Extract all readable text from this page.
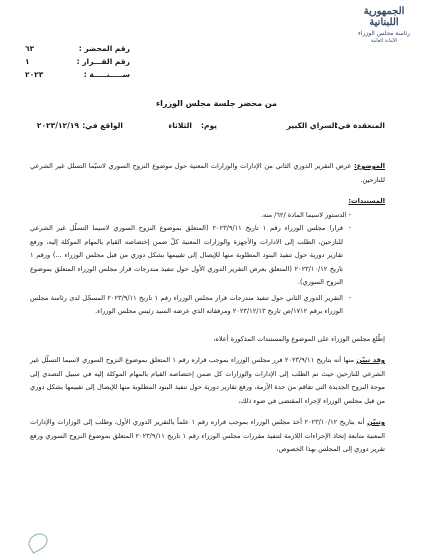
الجمهورية
اللبنانية
رئاسة مجلس الوزراء
الأمانة العامة
رقم المحضر :
٦٢
رقم القـــرار :
١
ســـــنـــــة :
٢٠٢٣
من محضر جلسة مجلس الوزراء
المنعقدة في:
السراي الكبير
يوم:
الثلاثاء
الواقع في:
٢٠٢٣/١٢/١٩

الموضوع: عرض التقرير الدوري الثاني من الإدارات والوزارات المعنية حول موضوع النزوح السوري لاسيّما التسلل غير الشرعي للنازحين.

المستندات:
- الدستور لاسيما المادة /٦٢/ منه.
-
قرارا مجلس الوزراء رقم ١ تاريخ ٢٠٢٣/٩/١١ (المتعلق بموضوع النزوح السوري لاسيما التسلّل غير الشرعي للنازحين، الطلب إلى الادارات والأجهزة والوزارات المعنية كلّ ضمن إختصاصه القيام بالمهام الموكلة إليه، ورفع تقارير دورية حول تنفيذ البنود المطلوبة منها للإيصال إلى تقييمها بشكل دوري من قبل مجلس الوزراء ...) ورقم ١ تاريخ ٢٠٢٣/١٠/١٢ (المتعلق بعرض التقرير الدوري الأول حول تنفيذ مندرجات قرار مجلس الوزراء المتعلق بموضوع النزوح السوري).
-
التقرير الدوري الثاني حول تنفيذ مندرجات قرار مجلس الوزراء رقم ١ تاريخ ٢٠٢٣/٩/١١ المسجّل لدى رئاسة مجلس الوزراء برقم ١٧١٢/ص تاريخ ٢٠٢٣/١٢/١٣ ومرفقاته الذي عرضه السيد رئيس مجلس الوزراء.

إطّلع مجلس الوزراء على الموضوع والمستندات المذكورة أعلاه،

وقد تبيّن منها أنه بتاريخ ٢٠٢٣/٩/١١ قرر مجلس الوزراء بموجب قراره رقم ١ المتعلق بموضوع النزوح السوري لاسيما التسلّل غير الشرعي للنازحين حيث تم الطلب إلى الإدارات والوزارات كل ضمن إختصاصه القيام بالمهام الموكلة إليه في سبيل التصدي إلى موجة النزوح الجديدة التي تفاقم من حدة الأزمة، ورفع تقارير دورية حول تنفيذ البنود المطلوبة منها للإيصال إلى تقييمها بشكل دوري من قبل مجلس الوزراء لإجراء المقتضى في ضوء ذلك،

وتبيّن أنه بتاريخ ٢٠٢٣/١٠/١٢ أخذ مجلس الوزراء بموجب قراره رقم ١ علماً بالتقرير الدوري الأول، وطلب إلى الوزارات والإدارات المعنية متابعة إتخاذ الإجراءات اللازمة لتنفيذ مقررات مجلس الوزراء رقم ١ تاريخ ٢٠٢٣/٩/١١ المتعلق بموضوع النزوح السوري ورفع تقرير دوري إلى المجلس بهذا الخصوص،
